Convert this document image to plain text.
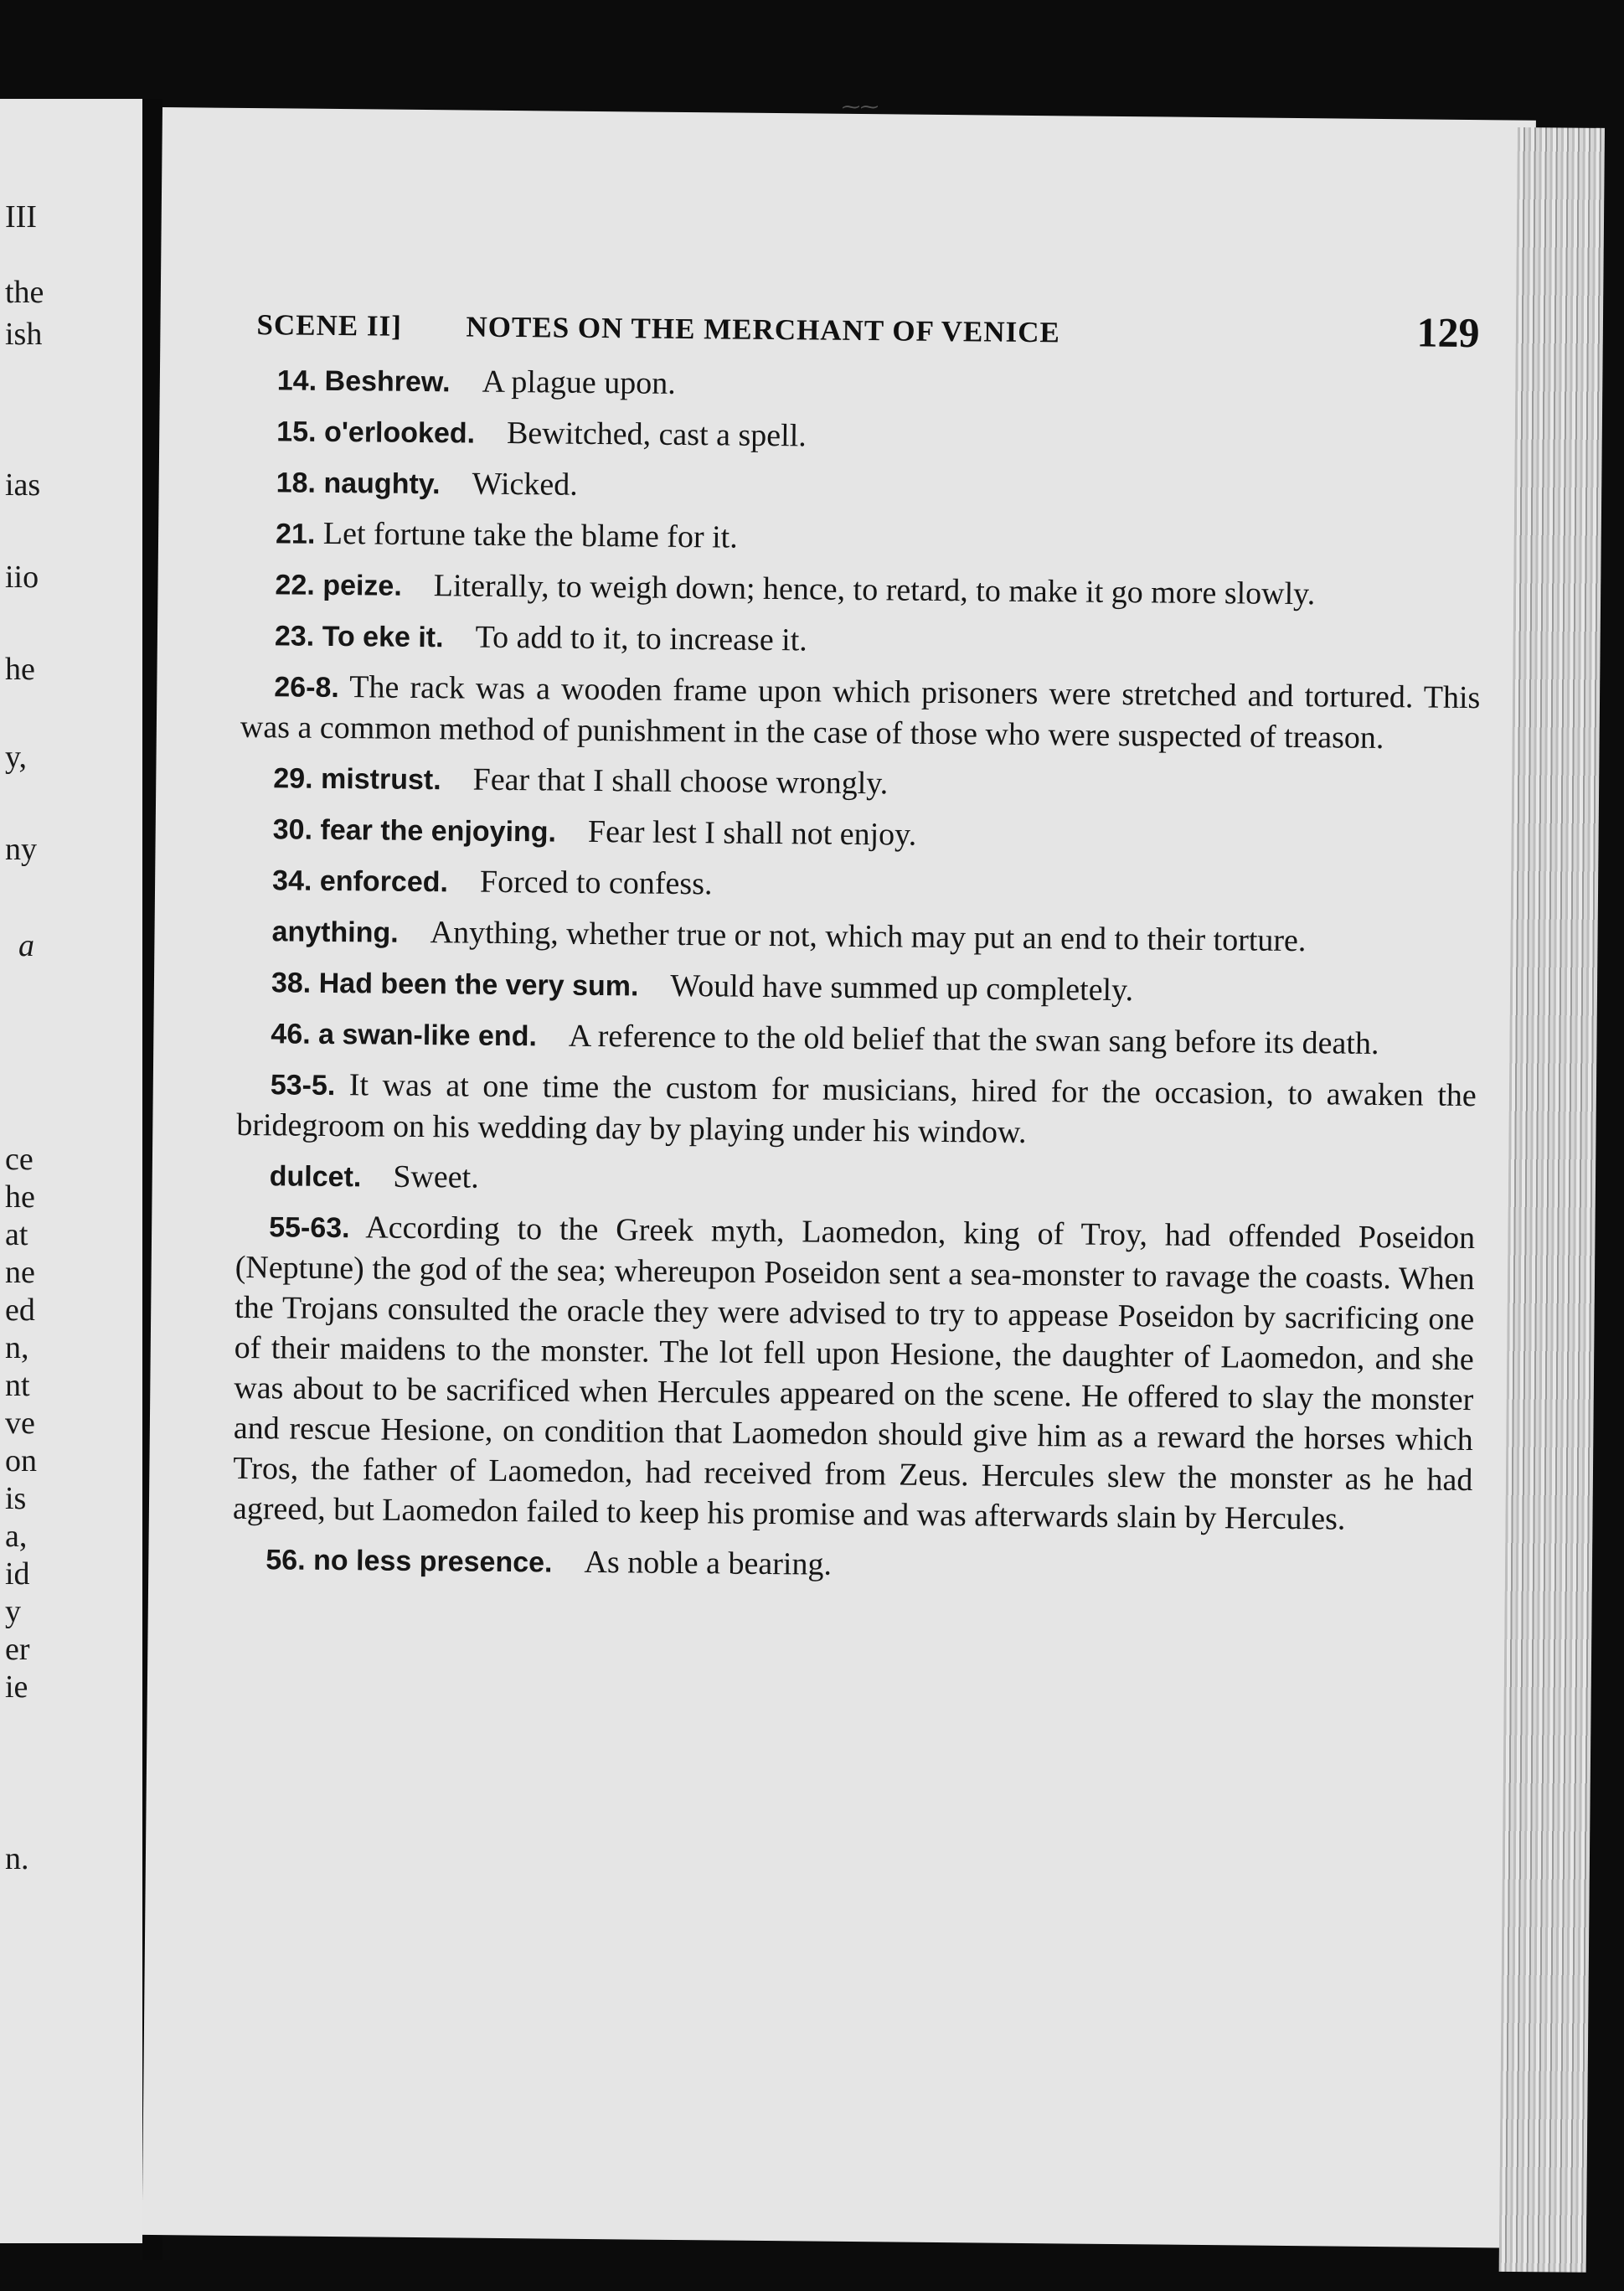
III
the
ish
ias
iio
he
y,
ny
a
ce
he
at
ne
ed
n,
nt
ve
on
is
a,
id
y
er
ie
n.
⁓⁓
SCENE II] NOTES ON THE MERCHANT OF VENICE	129

14. Beshrew.  A plague upon.

15. o'erlooked.  Bewitched, cast a spell.

18. naughty.  Wicked.

21. Let fortune take the blame for it.

22. peize.  Literally, to weigh down; hence, to retard, to make it go more slowly.

23. To eke it.  To add to it, to increase it.

26-8. The rack was a wooden frame upon which prisoners were stretched and tortured. This was a common method of punishment in the case of those who were suspected of treason.

29. mistrust.  Fear that I shall choose wrongly.

30. fear the enjoying.  Fear lest I shall not enjoy.

34. enforced.  Forced to confess.

anything.  Anything, whether true or not, which may put an end to their torture.

38. Had been the very sum.  Would have summed up completely.

46. a swan-like end.  A reference to the old belief that the swan sang before its death.

53-5. It was at one time the custom for musicians, hired for the occasion, to awaken the bridegroom on his wedding day by playing under his window.

dulcet.  Sweet.

55-63. According to the Greek myth, Laomedon, king of Troy, had offended Poseidon (Neptune) the god of the sea; whereupon Poseidon sent a sea-monster to ravage the coasts. When the Trojans consulted the oracle they were advised to try to appease Poseidon by sacrificing one of their maidens to the monster. The lot fell upon Hesione, the daughter of Laomedon, and she was about to be sacrificed when Hercules appeared on the scene. He offered to slay the monster and rescue Hesione, on condition that Laomedon should give him as a reward the horses which Tros, the father of Laomedon, had received from Zeus. Hercules slew the monster as he had agreed, but Laomedon failed to keep his promise and was afterwards slain by Hercules.

56. no less presence.  As noble a bearing.
